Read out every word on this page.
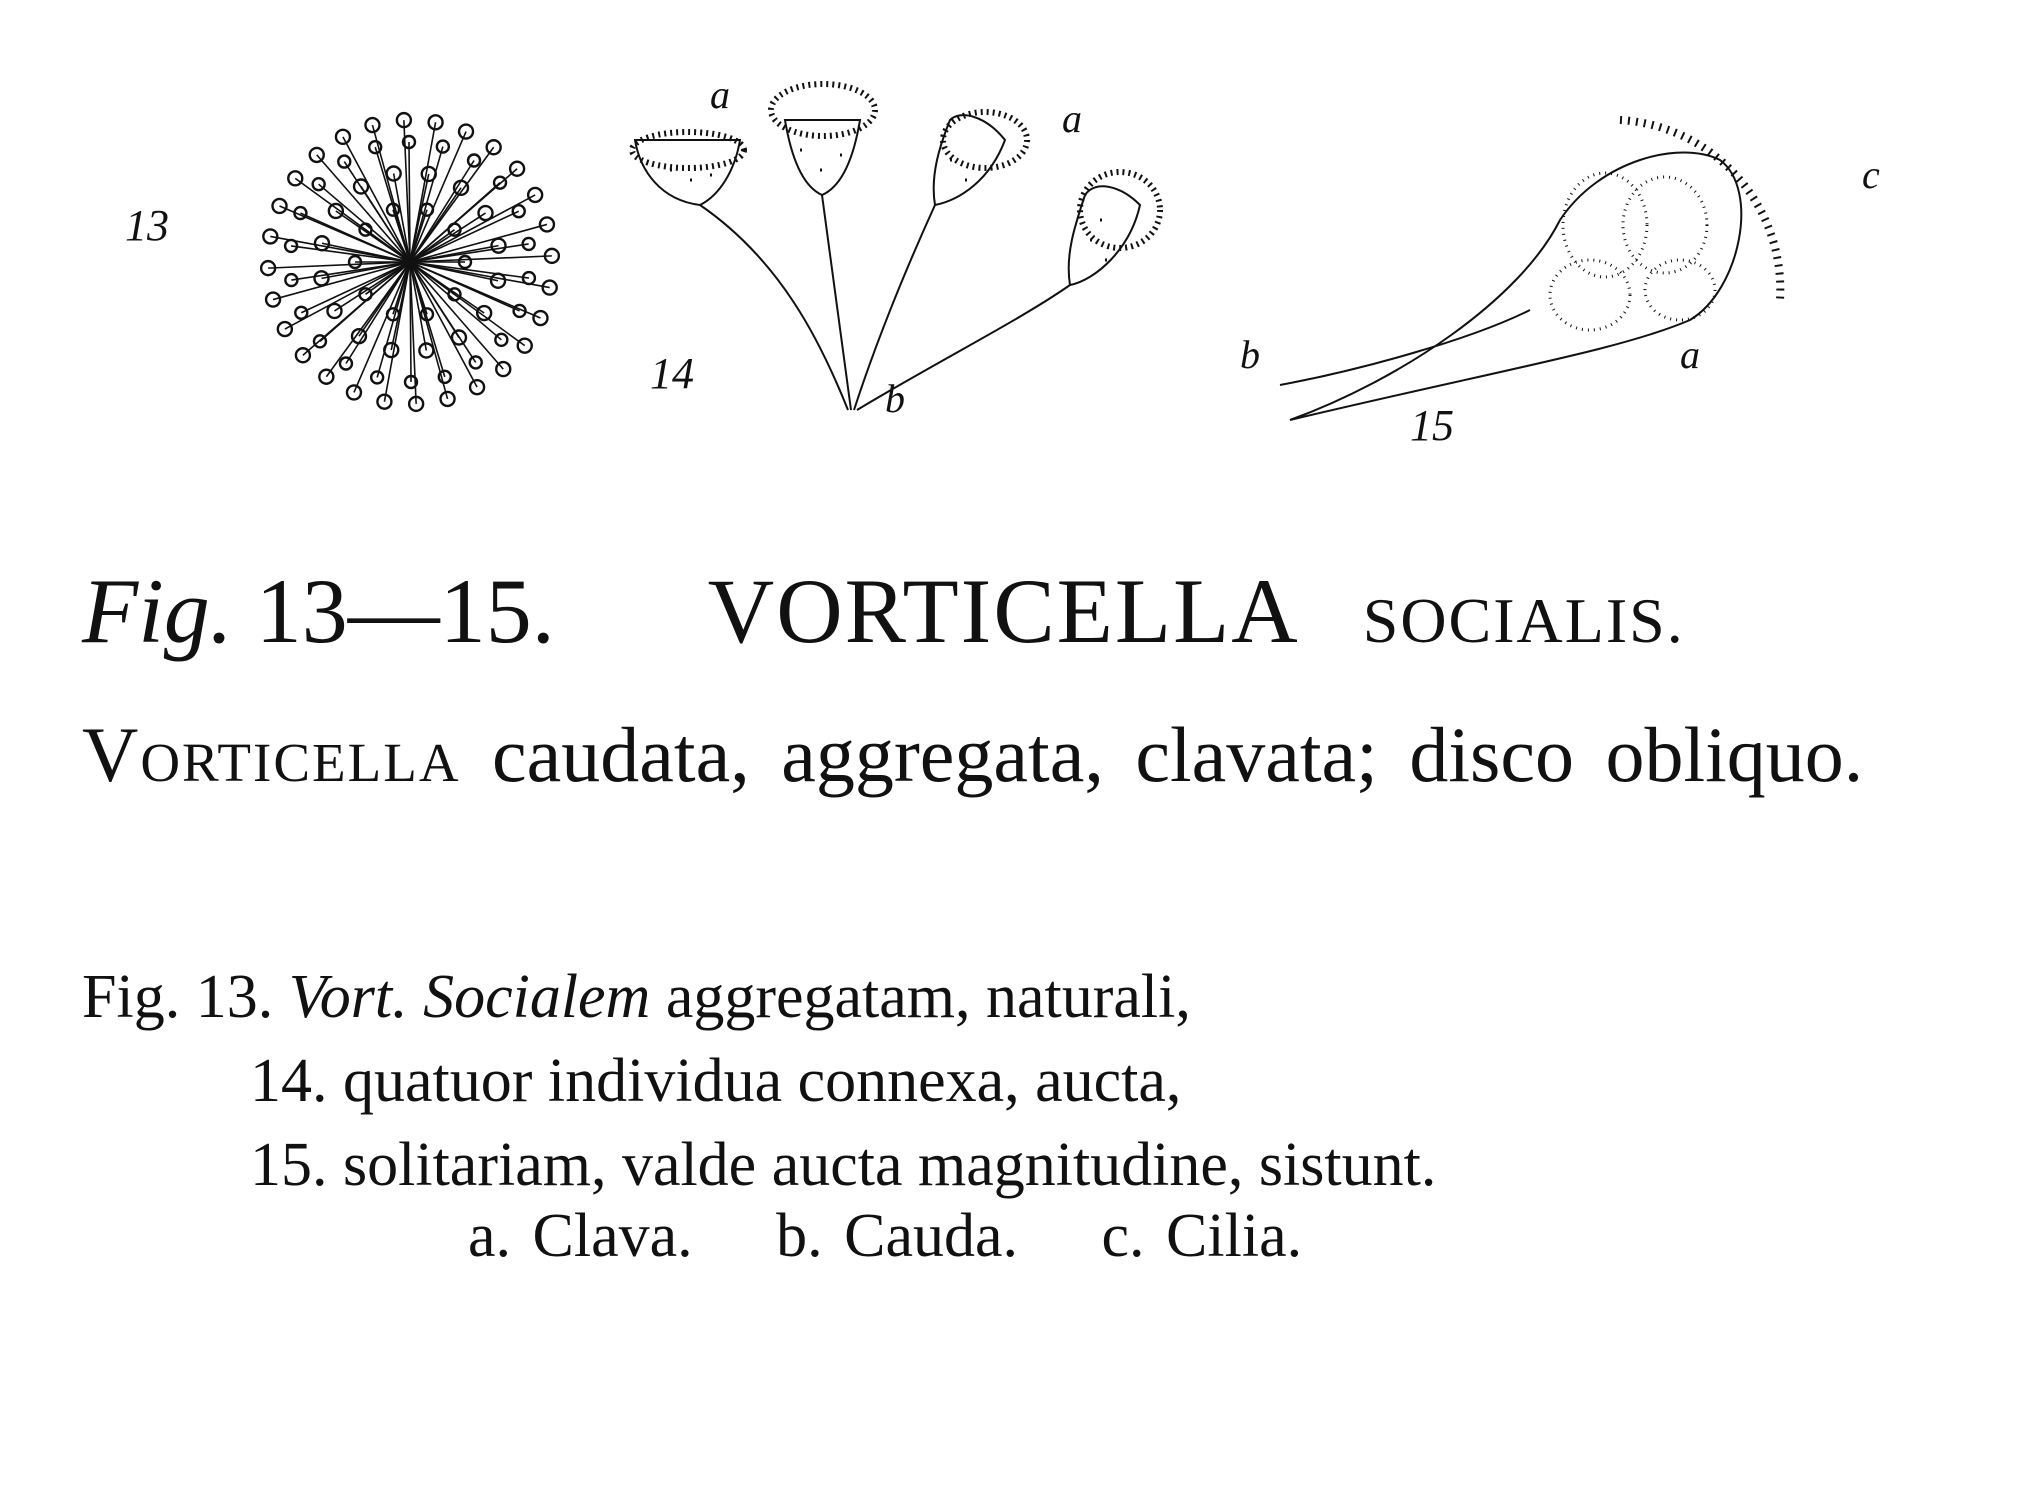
13
a
a
b
14	b	a
c
15
Fig. 13—15. VORTICELLA SOCIALIS.
Vorticella caudata, aggregata, clavata; disco obliquo.
Fig. 13. Vort. Socialem aggregatam, naturali,
14. quatuor individua connexa, aucta,
15. solitariam, valde aucta magnitudine, sistunt.
a. Clava. b. Cauda. c. Cilia.
